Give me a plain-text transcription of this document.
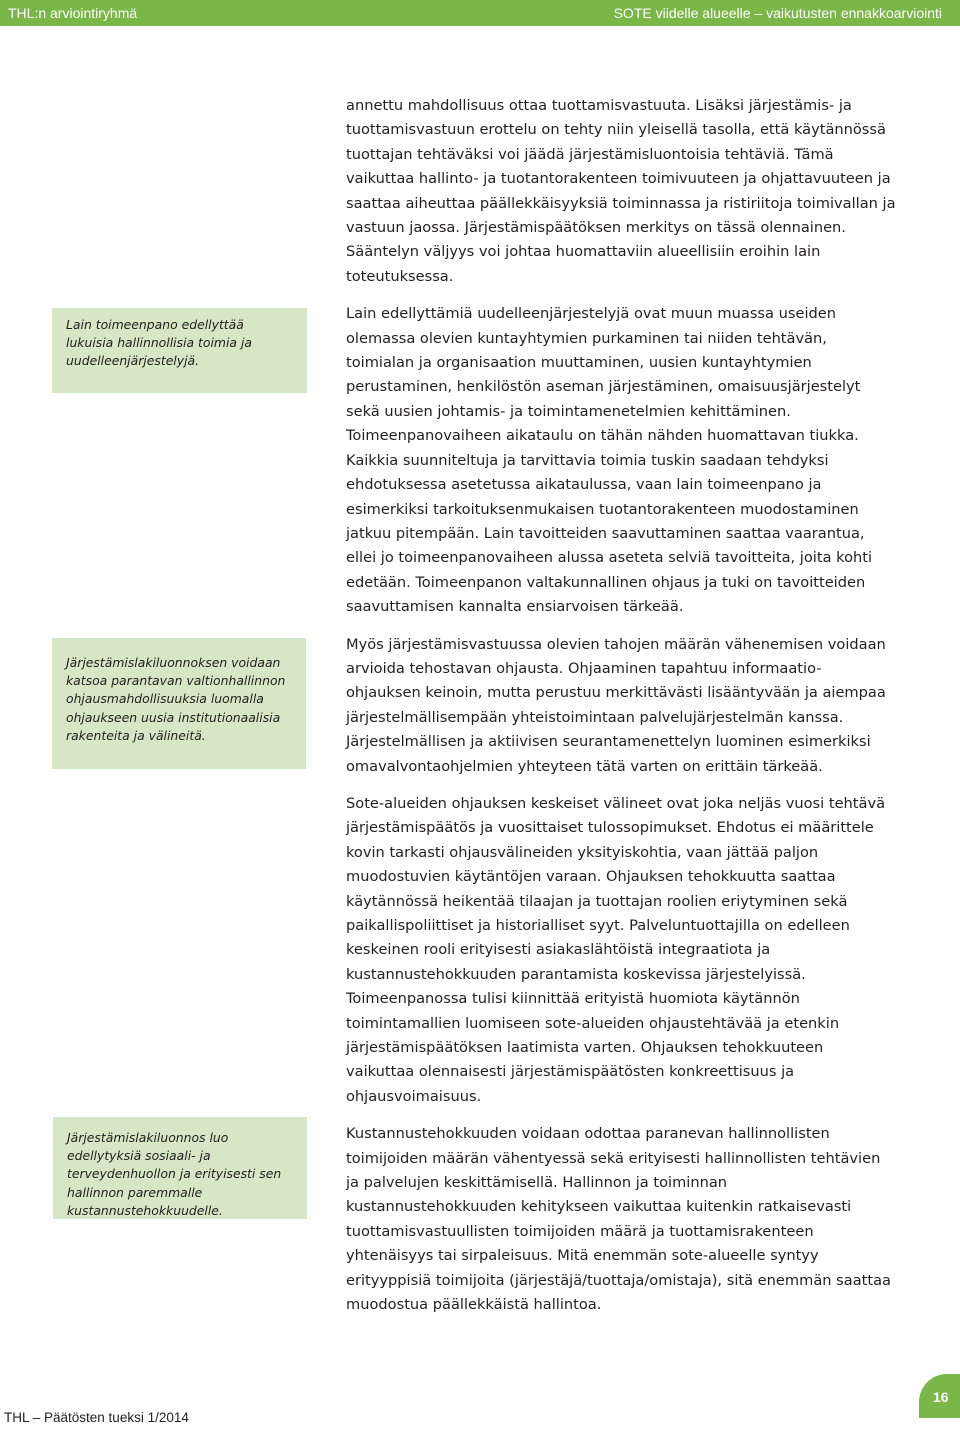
THL:n arviointiryhmä	SOTE viidelle alueelle – vaikutusten ennakkoarviointi
Lain toimeenpano edellyttää lukuisia hallinnollisia toimia ja uudelleenjärjestelyjä.
Järjestämislakiluonnoksen voidaan katsoa parantavan valtionhallinnon ohjausmahdollisuuksia luomalla ohjaukseen uusia institutionaalisia rakenteita ja välineitä.
Järjestämislakiluonnos luo edellytyksiä sosiaali- ja terveydenhuollon ja erityisesti sen hallinnon paremmalle kustannustehokkuudelle.

annettu mahdollisuus ottaa tuottamisvastuuta. Lisäksi järjestämis- ja tuottamisvastuun erottelu on tehty niin yleisellä tasolla, että käytännössä tuottajan tehtäväksi voi jäädä järjestämisluontoisia tehtäviä. Tämä vaikuttaa hallinto- ja tuotantorakenteen toimivuuteen ja ohjattavuuteen ja saattaa aiheuttaa päällekkäisyyksiä toiminnassa ja ristiriitoja toimivallan ja vastuun jaossa. Järjestämispäätöksen merkitys on tässä olennainen. Sääntelyn väljyys voi johtaa huomattaviin alueellisiin eroihin lain toteutuksessa.

Lain edellyttämiä uudelleenjärjestelyjä ovat muun muassa useiden olemassa olevien kuntayhtymien purkaminen tai niiden tehtävän, toimialan ja organisaation muuttaminen, uusien kuntayhtymien perustaminen, henkilöstön aseman järjestäminen, omaisuusjärjestelyt sekä uusien johtamis- ja toimintamenetelmien kehittäminen. Toimeenpanovaiheen aikataulu on tähän nähden huomattavan tiukka. Kaikkia suunniteltuja ja tarvittavia toimia tuskin saadaan tehdyksi ehdotuksessa asetetussa aikataulussa, vaan lain toimeenpano ja esimerkiksi tarkoituksenmukaisen tuotantorakenteen muodostaminen jatkuu pitempään. Lain tavoitteiden saavuttaminen saattaa vaarantua, ellei jo toimeenpanovaiheen alussa aseteta selviä tavoitteita, joita kohti edetään. Toimeenpanon valtakunnallinen ohjaus ja tuki on tavoitteiden saavuttamisen kannalta ensiarvoisen tärkeää.

Myös järjestämisvastuussa olevien tahojen määrän vähenemisen voidaan arvioida tehostavan ohjausta. Ohjaaminen tapahtuu informaatio-ohjauksen keinoin, mutta perustuu merkittävästi lisääntyvään ja aiempaa järjestelmällisempään yhteistoimintaan palvelujärjestelmän kanssa. Järjestelmällisen ja aktiivisen seurantamenettelyn luominen esimerkiksi omavalvontaohjelmien yhteyteen tätä varten on erittäin tärkeää.

Sote-alueiden ohjauksen keskeiset välineet ovat joka neljäs vuosi tehtävä järjestämispäätös ja vuosittaiset tulossopimukset. Ehdotus ei määrittele kovin tarkasti ohjausvälineiden yksityiskohtia, vaan jättää paljon muodostuvien käytäntöjen varaan. Ohjauksen tehokkuutta saattaa käytännössä heikentää tilaajan ja tuottajan roolien eriytyminen sekä paikallispoliittiset ja historialliset syyt. Palveluntuottajilla on edelleen keskeinen rooli erityisesti asiakaslähtöistä integraatiota ja kustannustehokkuuden parantamista koskevissa järjestelyissä. Toimeenpanossa tulisi kiinnittää erityistä huomiota käytännön toimintamallien luomiseen sote-alueiden ohjaustehtävää ja etenkin järjestämispäätöksen laatimista varten. Ohjauksen tehokkuuteen vaikuttaa olennaisesti järjestämispäätösten konkreettisuus ja ohjausvoimaisuus.

Kustannustehokkuuden voidaan odottaa paranevan hallinnollisten toimijoiden määrän vähentyessä sekä erityisesti hallinnollisten tehtävien ja palvelujen keskittämisellä. Hallinnon ja toiminnan kustannustehokkuuden kehitykseen vaikuttaa kuitenkin ratkaisevasti tuottamisvastuullisten toimijoiden määrä ja tuottamisrakenteen yhtenäisyys tai sirpaleisuus. Mitä enemmän sote-alueelle syntyy erityyppisiä toimijoita (järjestäjä/tuottaja/omistaja), sitä enemmän saattaa muodostua päällekkäistä hallintoa.

THL – Päätösten tueksi 1/2014
16
